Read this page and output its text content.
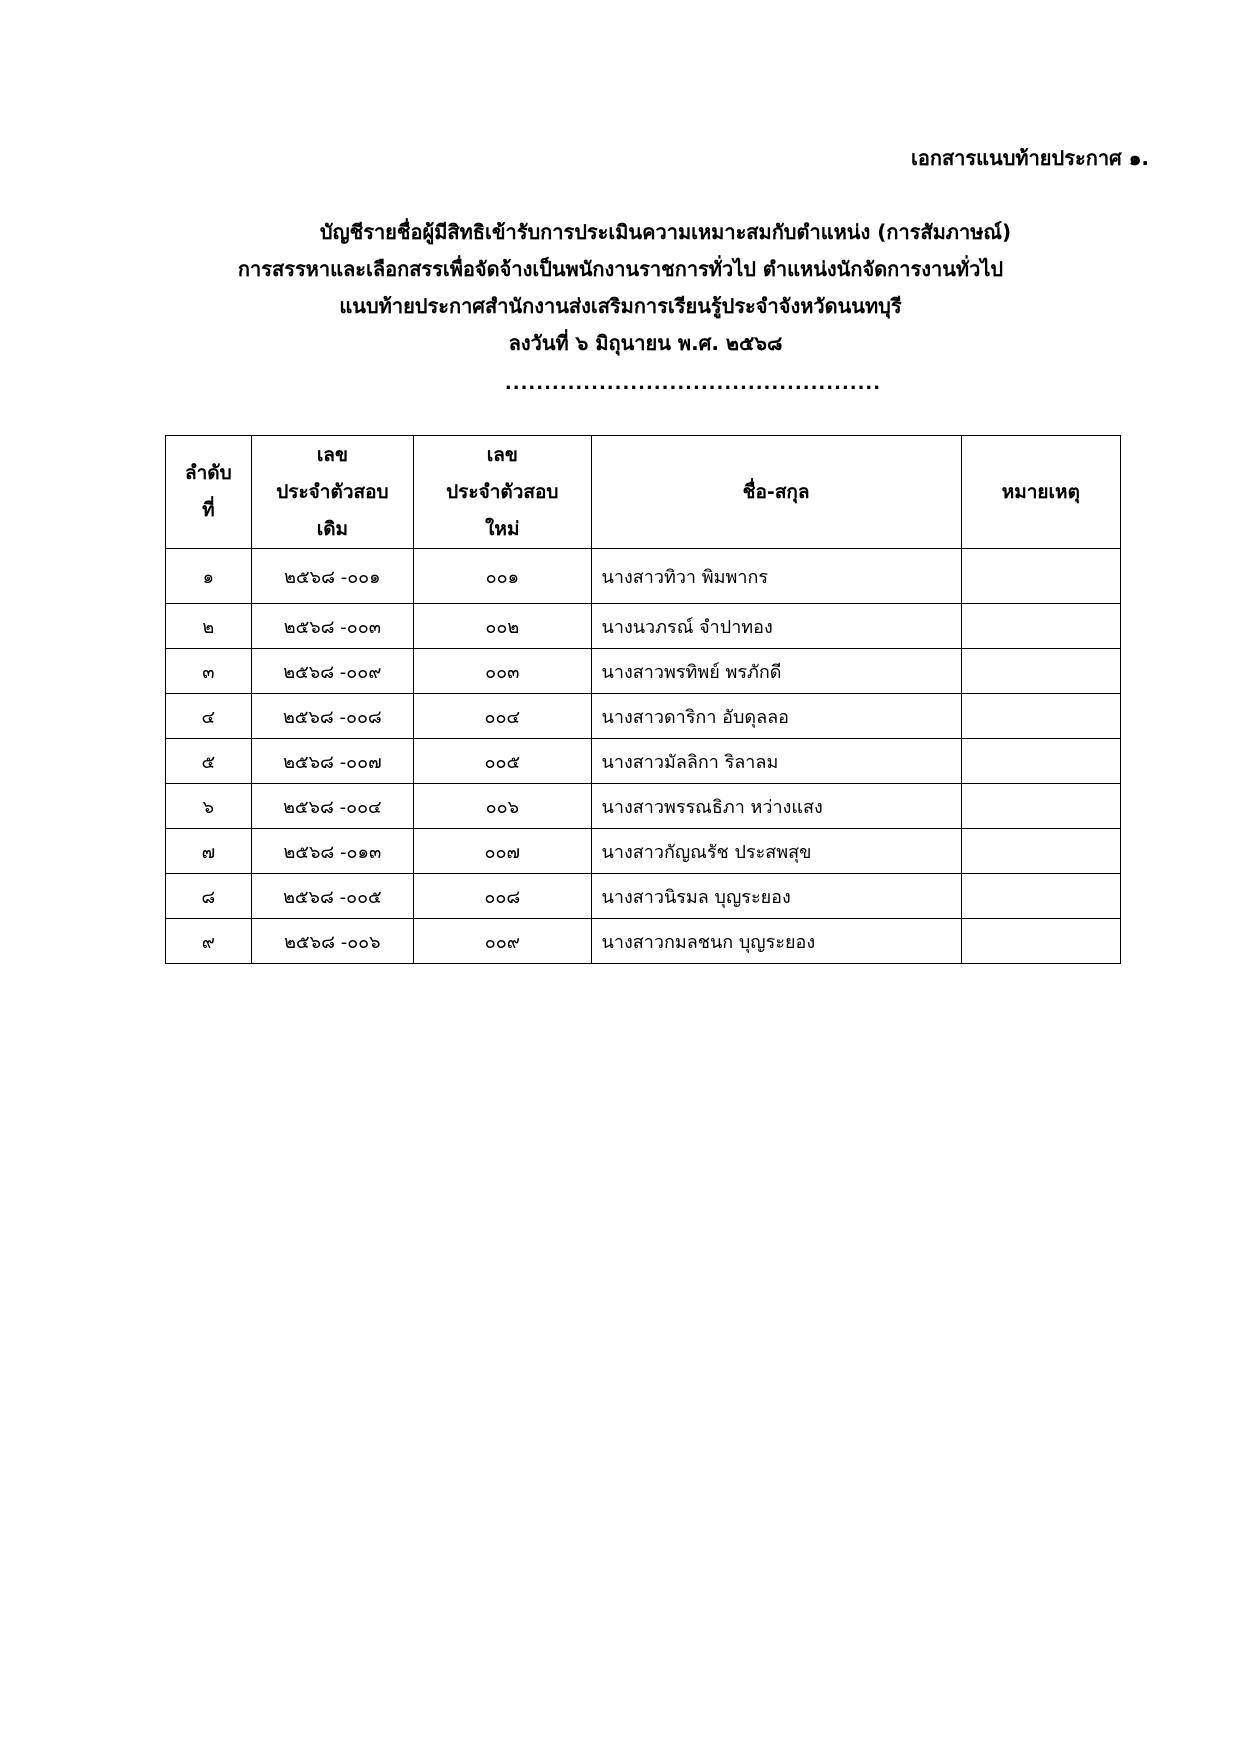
เอกสารแนบท้ายประกาศ ๑.
บัญชีรายชื่อผู้มีสิทธิเข้ารับการประเมินความเหมาะสมกับตำแหน่ง (การสัมภาษณ์)
การสรรหาและเลือกสรรเพื่อจัดจ้างเป็นพนักงานราชการทั่วไป ตำแหน่งนักจัดการงานทั่วไป
แนบท้ายประกาศสำนักงานส่งเสริมการเรียนรู้ประจำจังหวัดนนทบุรี
ลงวันที่ ๖ มิถุนายน พ.ศ. ๒๕๖๘
................................................
ลำดับ
ที่	เลข
ประจำตัวสอบ
เดิม	เลข
ประจำตัวสอบ
ใหม่	ชื่อ-สกุล	หมายเหตุ
๑	๒๕๖๘ -๐๐๑	๐๐๑	นางสาวทิวา พิมพากร	
๒	๒๕๖๘ -๐๐๓	๐๐๒	นางนวภรณ์ จำปาทอง	
๓	๒๕๖๘ -๐๐๙	๐๐๓	นางสาวพรทิพย์ พรภักดี	
๔	๒๕๖๘ -๐๐๘	๐๐๔	นางสาวดาริกา อับดุลลอ	
๕	๒๕๖๘ -๐๐๗	๐๐๕	นางสาวมัลลิกา ริลาลม	
๖	๒๕๖๘ -๐๐๔	๐๐๖	นางสาวพรรณธิภา หว่างแสง	
๗	๒๕๖๘ -๐๑๓	๐๐๗	นางสาวกัญณรัช ประสพสุข	
๘	๒๕๖๘ -๐๐๕	๐๐๘	นางสาวนิรมล บุญระยอง	
๙	๒๕๖๘ -๐๐๖	๐๐๙	นางสาวกมลชนก บุญระยอง	
